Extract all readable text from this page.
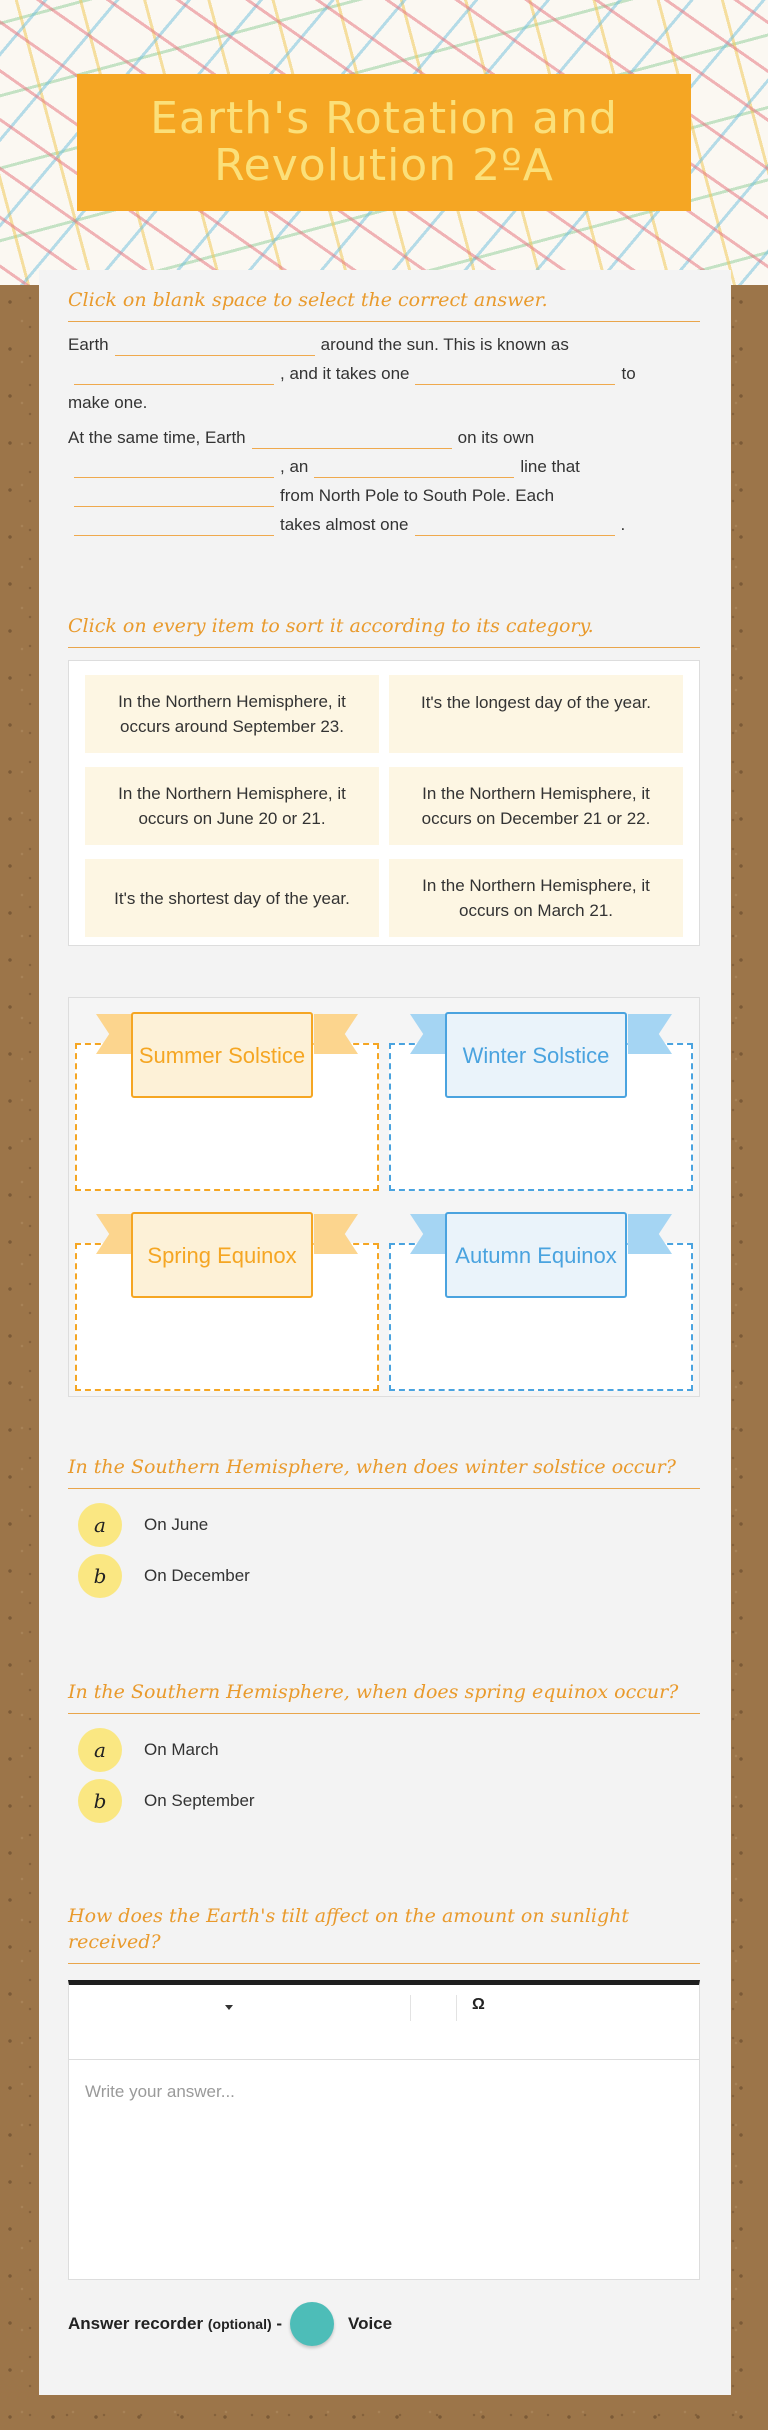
Earth's Rotation and Revolution 2ºA
Click on blank space to select the correct answer.
Earth	around the sun. This is known as
, and it takes one	to
make one.
At the same time, Earth	on its own
, an	line that
from North Pole to South Pole. Each
takes almost one	.
Click on every item to sort it according to its category.
In the Northern Hemisphere, it occurs around September 23.
It's the longest day of the year.
In the Northern Hemisphere, it occurs on June 20 or 21.
In the Northern Hemisphere, it occurs on December 21 or 22.
It's the shortest day of the year.
In the Northern Hemisphere, it occurs on March 21.
Summer Solstice	Winter Solstice
Spring Equinox	Autumn Equinox
In the Southern Hemisphere, when does winter solstice occur?
a	On June
b	On December
In the Southern Hemisphere, when does spring equinox occur?
a	On March
b	On September
How does the Earth's tilt affect on the amount on sunlight received?
Ω
Write your answer...
Answer recorder (optional) -	Voice
